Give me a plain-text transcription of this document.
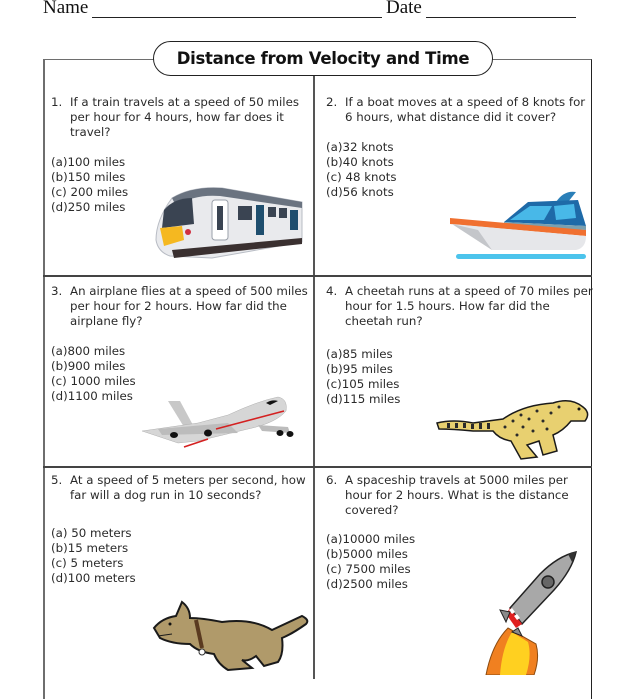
Name	Date
Distance from Velocity and Time
1. If a train travels at a speed of 50 miles per hour for 4 hours, how far does it travel?
(a)100 miles
(b)150 miles
(c) 200 miles
(d)250 miles
2. If a boat moves at a speed of 8 knots for 6 hours, what distance did it cover?
(a)32 knots
(b)40 knots
(c) 48 knots
(d)56 knots
3. An airplane flies at a speed of 500 miles per hour for 2 hours. How far did the airplane fly?
(a)800 miles
(b)900 miles
(c) 1000 miles
(d)1100 miles
4. A cheetah runs at a speed of 70 miles per hour for 1.5 hours. How far did the cheetah run?
(a)85 miles
(b)95 miles
(c)105 miles
(d)115 miles
5. At a speed of 5 meters per second, how far will a dog run in 10 seconds?
(a) 50 meters
(b)15 meters
(c) 5 meters
(d)100 meters
6. A spaceship travels at 5000 miles per hour for 2 hours. What is the distance covered?
(a)10000 miles
(b)5000 miles
(c) 7500 miles
(d)2500 miles
